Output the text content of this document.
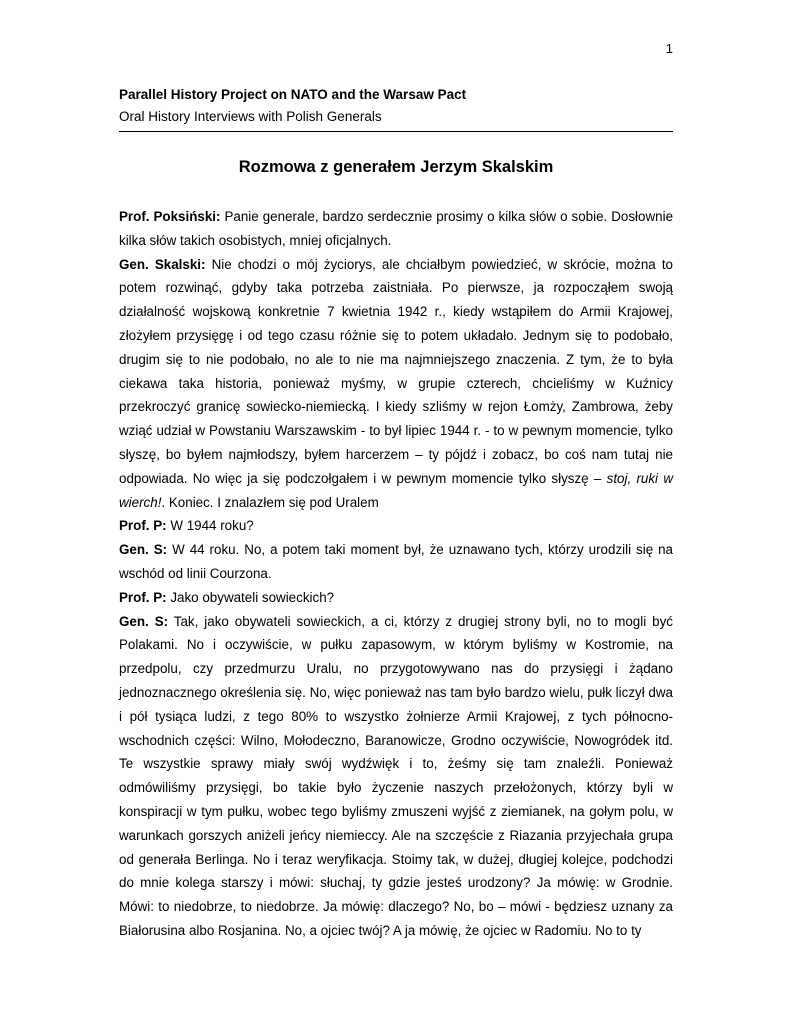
1
Parallel History Project on NATO and the Warsaw Pact
Oral History Interviews with Polish Generals
Rozmowa z generałem Jerzym Skalskim

Prof. Poksiński: Panie generale, bardzo serdecznie prosimy o kilka słów o sobie. Dosłownie kilka słów takich osobistych, mniej oficjalnych.

Gen. Skalski: Nie chodzi o mój życiorys, ale chciałbym powiedzieć, w skrócie, można to potem rozwinąć, gdyby taka potrzeba zaistniała. Po pierwsze, ja rozpocząłem swoją działalność wojskową konkretnie 7 kwietnia 1942 r., kiedy wstąpiłem do Armii Krajowej, złożyłem przysięgę i od tego czasu różnie się to potem układało. Jednym się to podobało, drugim się to nie podobało, no ale to nie ma najmniejszego znaczenia. Z tym, że to była ciekawa taka historia, ponieważ myśmy, w grupie czterech, chcieliśmy w Kuźnicy przekroczyć granicę sowiecko-niemiecką. I kiedy szliśmy w rejon Łomży, Zambrowa, żeby wziąć udział w Powstaniu Warszawskim - to był lipiec 1944 r. - to w pewnym momencie, tylko słyszę, bo byłem najmłodszy, byłem harcerzem – ty pójdź i zobacz, bo coś nam tutaj nie odpowiada. No więc ja się podczołgałem i w pewnym momencie tylko słyszę – stoj, ruki w wierch!. Koniec. I znalazłem się pod Uralem

Prof. P: W 1944 roku?

Gen. S: W 44 roku. No, a potem taki moment był, że uznawano tych, którzy urodzili się na wschód od linii Courzona.

Prof. P: Jako obywateli sowieckich?

Gen. S: Tak, jako obywateli sowieckich, a ci, którzy z drugiej strony byli, no to mogli być Polakami. No i oczywiście, w pułku zapasowym, w którym byliśmy w Kostromie, na przedpolu, czy przedmurzu Uralu, no przygotowywano nas do przysięgi i żądano jednoznacznego określenia się. No, więc ponieważ nas tam było bardzo wielu, pułk liczył dwa i pół tysiąca ludzi, z tego 80% to wszystko żołnierze Armii Krajowej, z tych północno-wschodnich części: Wilno, Mołodeczno, Baranowicze, Grodno oczywiście, Nowogródek itd. Te wszystkie sprawy miały swój wydźwięk i to, żeśmy się tam znaleźli. Ponieważ odmówiliśmy przysięgi, bo takie było życzenie naszych przełożonych, którzy byli w konspiracji w tym pułku, wobec tego byliśmy zmuszeni wyjść z ziemianek, na gołym polu, w warunkach gorszych aniżeli jeńcy niemieccy. Ale na szczęście z Riazania przyjechała grupa od generała Berlinga. No i teraz weryfikacja. Stoimy tak, w dużej, długiej kolejce, podchodzi do mnie kolega starszy i mówi: słuchaj, ty gdzie jesteś urodzony? Ja mówię: w Grodnie. Mówi: to niedobrze, to niedobrze. Ja mówię: dlaczego? No, bo – mówi - będziesz uznany za Białorusina albo Rosjanina. No, a ojciec twój? A ja mówię, że ojciec w Radomiu. No to ty
